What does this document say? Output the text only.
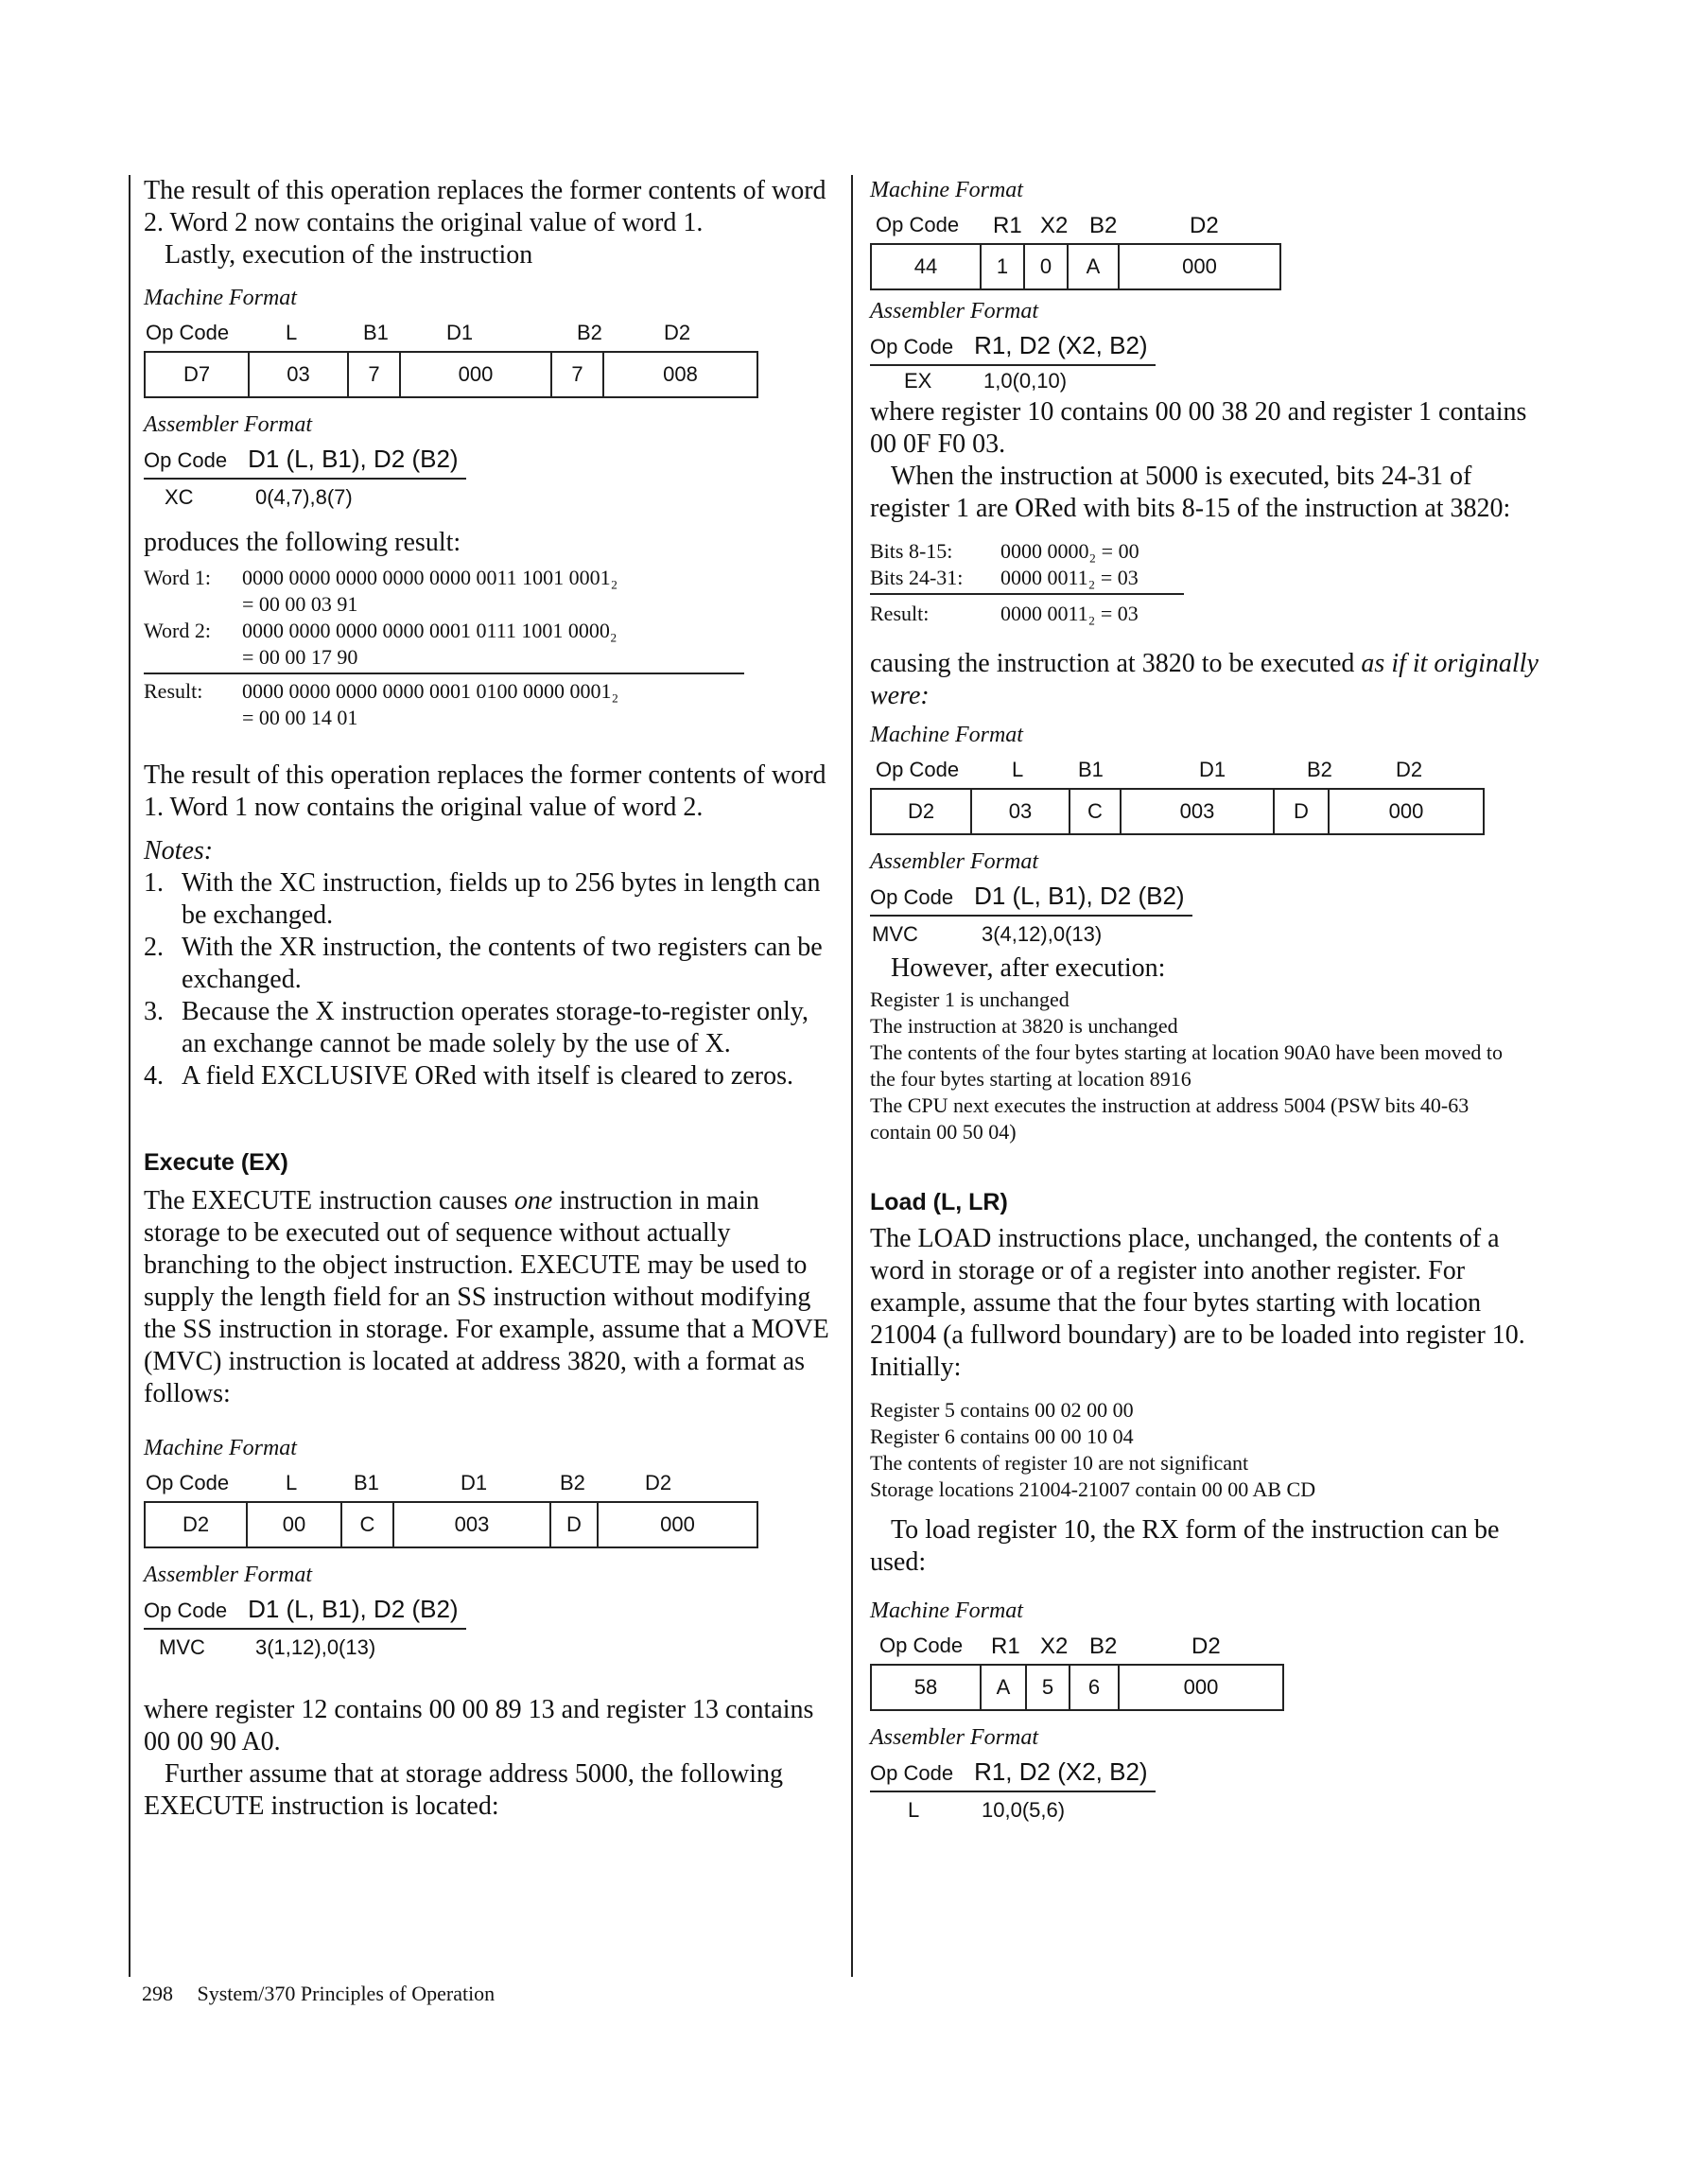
The result of this operation replaces the former contents of word 2. Word 2 now contains the original value of word 1.

Lastly, execution of the instruction

Machine Format

Op Code	L	B1	D1	B2	D2
D7	03	7	000	7	008

Assembler Format

Op Code D1 (L, B1), D2 (B2)
XC	0(4,7),8(7)

produces the following result:

Word 1:	0000 0000 0000 0000 0000 0011 1001 0001₂
= 00 00 03 91
Word 2:	0000 0000 0000 0000 0001 0111 1001 0000₂
= 00 00 17 90
Result:	0000 0000 0000 0000 0001 0100 0000 0001₂
= 00 00 14 01

The result of this operation replaces the former contents of word 1. Word 1 now contains the original value of word 2.

Notes:

1. With the XC instruction, fields up to 256 bytes in length can be exchanged.
2. With the XR instruction, the contents of two registers can be exchanged.
3. Because the X instruction operates storage-to-register only, an exchange cannot be made solely by the use of X.
4. A field EXCLUSIVE ORed with itself is cleared to zeros.
Execute (EX)

The EXECUTE instruction causes one instruction in main storage to be executed out of sequence without actually branching to the object instruction. EXECUTE may be used to supply the length field for an SS instruction without modifying the SS instruction in storage. For example, assume that a MOVE (MVC) instruction is located at address 3820, with a format as follows:

Machine Format

Op Code	L	B1	D1	B2	D2
D2	00	C	003	D	000

Assembler Format

Op Code D1 (L, B1), D2 (B2)
MVC 3(1,12),0(13)

where register 12 contains 00 00 89 13 and register 13 contains 00 00 90 A0.

Further assume that at storage address 5000, the following EXECUTE instruction is located:

Machine Format

Op Code R1 X2 B2	D2
44	1	0	A	000

Assembler Format

Op Code R1, D2 (X2, B2)
EX 1,0(0,10)

where register 10 contains 00 00 38 20 and register 1 contains 00 0F F0 03.

When the instruction at 5000 is executed, bits 24-31 of register 1 are ORed with bits 8-15 of the instruction at 3820:

Bits 8-15:	0000 0000₂ = 00
Bits 24-31:	0000 0011₂ = 03
Result:	0000 0011₂ = 03

causing the instruction at 3820 to be executed as if it originally were:

Machine Format

Op Code	L	B1	D1	B2	D2
D2	03	C	003	D	000

Assembler Format

Op Code D1 (L, B1), D2 (B2)
MVC	3(4,12),0(13)

However, after execution:

Register 1 is unchanged

The instruction at 3820 is unchanged

The contents of the four bytes starting at location 90A0 have been moved to the four bytes starting at location 8916

The CPU next executes the instruction at address 5004 (PSW bits 40-63 contain 00 50 04)

Load (L, LR)

The LOAD instructions place, unchanged, the contents of a word in storage or of a register into another register. For example, assume that the four bytes starting with location 21004 (a fullword boundary) are to be loaded into register 10. Initially:

Register 5 contains 00 02 00 00

Register 6 contains 00 00 10 04

The contents of register 10 are not significant

Storage locations 21004-21007 contain 00 00 AB CD

To load register 10, the RX form of the instruction can be used:

Machine Format

Op Code R1 X2 B2	D2
58	A	5	6	000

Assembler Format

Op Code R1, D2 (X2, B2)
L	10,0(5,6)
298 System/370 Principles of Operation
